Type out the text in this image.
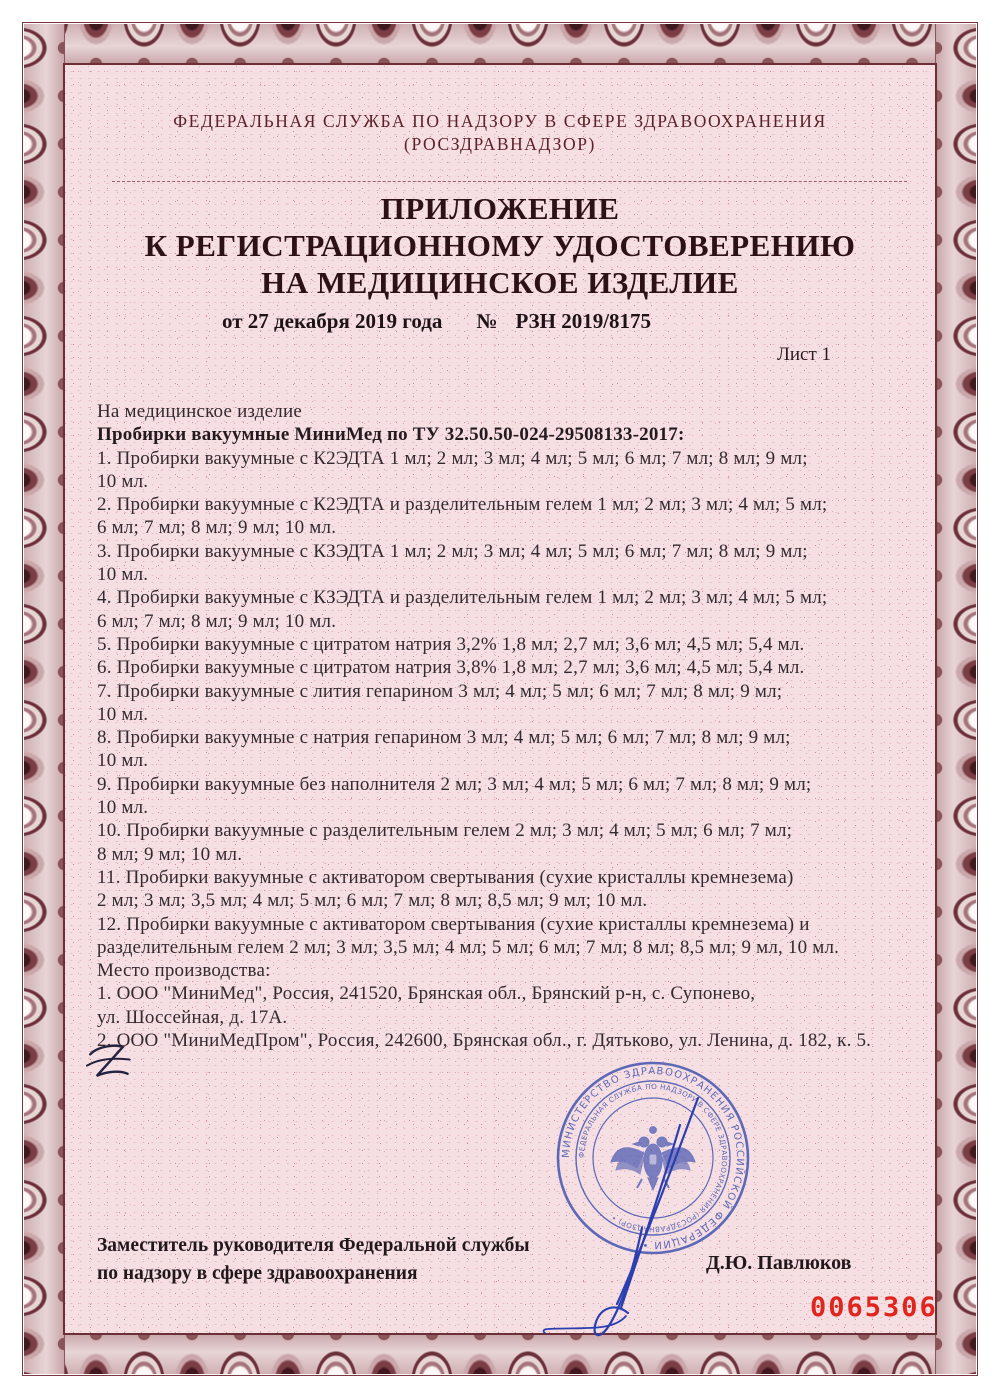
ФЕДЕРАЛЬНАЯ СЛУЖБА ПО НАДЗОРУ В СФЕРЕ ЗДРАВООХРАНЕНИЯ
(РОСЗДРАВНАДЗОР)
ПРИЛОЖЕНИЕ
К РЕГИСТРАЦИОННОМУ УДОСТОВЕРЕНИЮ
НА МЕДИЦИНСКОЕ ИЗДЕЛИЕ
от 27 декабря 2019 года № РЗН 2019/8175
Лист 1
На медицинское изделие
Пробирки вакуумные МиниМед по ТУ 32.50.50-024-29508133-2017:
1. Пробирки вакуумные с К2ЭДТА 1 мл; 2 мл; 3 мл; 4 мл; 5 мл; 6 мл; 7 мл; 8 мл; 9 мл;
10 мл.
2. Пробирки вакуумные с К2ЭДТА и разделительным гелем 1 мл; 2 мл; 3 мл; 4 мл; 5 мл;
6 мл; 7 мл; 8 мл; 9 мл; 10 мл.
3. Пробирки вакуумные с КЗЭДТА 1 мл; 2 мл; 3 мл; 4 мл; 5 мл; 6 мл; 7 мл; 8 мл; 9 мл;
10 мл.
4. Пробирки вакуумные с КЗЭДТА и разделительным гелем 1 мл; 2 мл; 3 мл; 4 мл; 5 мл;
6 мл; 7 мл; 8 мл; 9 мл; 10 мл.
5. Пробирки вакуумные с цитратом натрия 3,2% 1,8 мл; 2,7 мл; 3,6 мл; 4,5 мл; 5,4 мл.
6. Пробирки вакуумные с цитратом натрия 3,8% 1,8 мл; 2,7 мл; 3,6 мл; 4,5 мл; 5,4 мл.
7. Пробирки вакуумные с лития гепарином 3 мл; 4 мл; 5 мл; 6 мл; 7 мл; 8 мл; 9 мл;
10 мл.
8. Пробирки вакуумные с натрия гепарином 3 мл; 4 мл; 5 мл; 6 мл; 7 мл; 8 мл; 9 мл;
10 мл.
9. Пробирки вакуумные без наполнителя 2 мл; 3 мл; 4 мл; 5 мл; 6 мл; 7 мл; 8 мл; 9 мл;
10 мл.
10. Пробирки вакуумные с разделительным гелем 2 мл; 3 мл; 4 мл; 5 мл; 6 мл; 7 мл;
8 мл; 9 мл; 10 мл.
11. Пробирки вакуумные с активатором свертывания (сухие кристаллы кремнезема)
2 мл; 3 мл; 3,5 мл; 4 мл; 5 мл; 6 мл; 7 мл; 8 мл; 8,5 мл; 9 мл; 10 мл.
12. Пробирки вакуумные с активатором свертывания (сухие кристаллы кремнезема) и
разделительным гелем 2 мл; 3 мл; 3,5 мл; 4 мл; 5 мл; 6 мл; 7 мл; 8 мл; 8,5 мл; 9 мл, 10 мл.
Место производства:
1. ООО "МиниМед", Россия, 241520, Брянская обл., Брянский р-н, с. Супонево,
ул. Шоссейная, д. 17А.
2. ООО "МиниМедПром", Россия, 242600, Брянская обл., г. Дятьково, ул. Ленина, д. 182, к. 5.
МИНИСТЕРСТВО ЗДРАВООХРАНЕНИЯ РОССИЙСКОЙ ФЕДЕРАЦИИ •
ФЕДЕРАЛЬНАЯ СЛУЖБА ПО НАДЗОРУ В СФЕРЕ ЗДРАВООХРАНЕНИЯ (РОСЗДРАВНАДЗОР) •
Заместитель руководителя Федеральной службы
по надзору в сфере здравоохранения	Д.Ю. Павлюков
0065306
